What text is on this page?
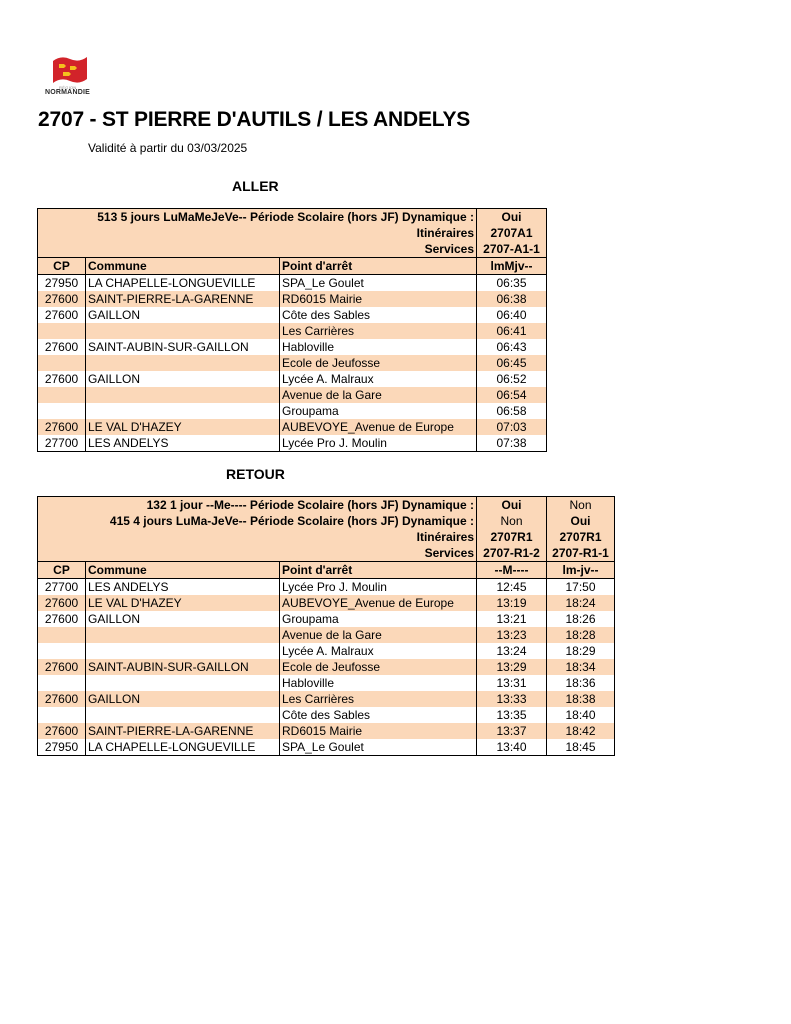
RÉGION
NORMANDIE
2707 - ST PIERRE D'AUTILS / LES ANDELYS
Validité à partir du 03/03/2025
ALLER
513 5 jours LuMaMeJeVe-- Période Scolaire (hors JF) Dynamique :			Oui
Itinéraires			2707A1
Services			2707-A1-1
CP	Commune	Point d'arrêt	lmMjv--
27950	LA CHAPELLE-LONGUEVILLE	SPA_Le Goulet	06:35
27600	SAINT-PIERRE-LA-GARENNE	RD6015 Mairie	06:38
27600	GAILLON	Côte des Sables	06:40
		Les Carrières	06:41
27600	SAINT-AUBIN-SUR-GAILLON	Habloville	06:43
		Ecole de Jeufosse	06:45
27600	GAILLON	Lycée A. Malraux	06:52
		Avenue de la Gare	06:54
		Groupama	06:58
27600	LE VAL D'HAZEY	AUBEVOYE_Avenue de Europe	07:03
27700	LES ANDELYS	Lycée Pro J. Moulin	07:38
RETOUR
132 1 jour --Me---- Période Scolaire (hors JF) Dynamique :			Oui	Non
415 4 jours LuMa-JeVe-- Période Scolaire (hors JF) Dynamique :			Non	Oui
Itinéraires			2707R1	2707R1
Services			2707-R1-2	2707-R1-1
CP	Commune	Point d'arrêt	--M----	lm-jv--
27700	LES ANDELYS	Lycée Pro J. Moulin	12:45	17:50
27600	LE VAL D'HAZEY	AUBEVOYE_Avenue de Europe	13:19	18:24
27600	GAILLON	Groupama	13:21	18:26
		Avenue de la Gare	13:23	18:28
		Lycée A. Malraux	13:24	18:29
27600	SAINT-AUBIN-SUR-GAILLON	Ecole de Jeufosse	13:29	18:34
		Habloville	13:31	18:36
27600	GAILLON	Les Carrières	13:33	18:38
		Côte des Sables	13:35	18:40
27600	SAINT-PIERRE-LA-GARENNE	RD6015 Mairie	13:37	18:42
27950	LA CHAPELLE-LONGUEVILLE	SPA_Le Goulet	13:40	18:45
